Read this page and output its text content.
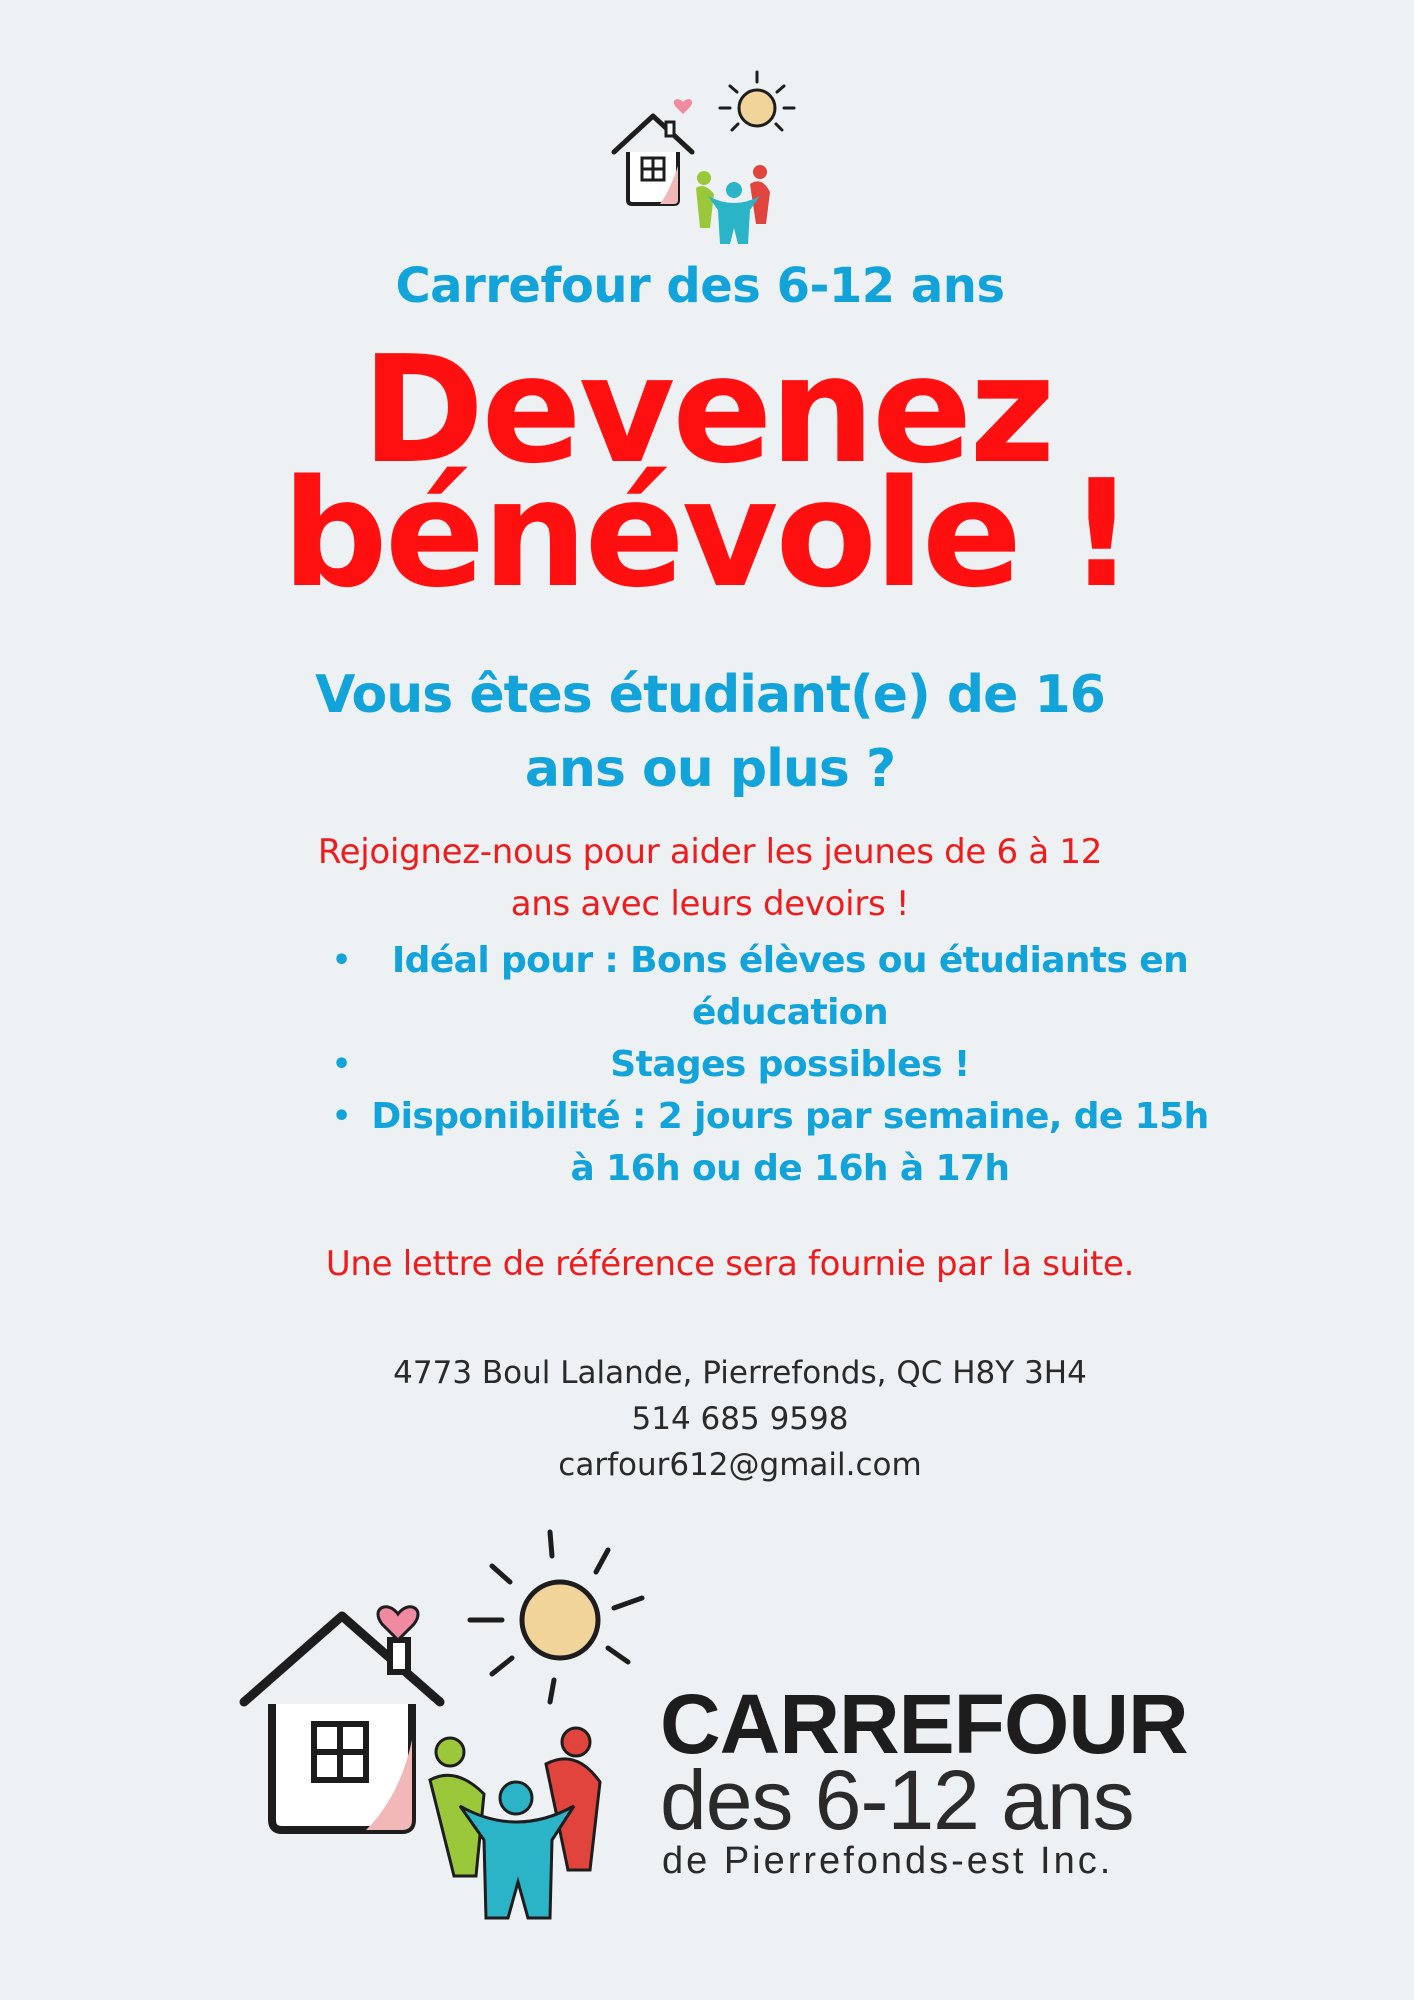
Carrefour des 6-12 ans
Devenez
bénévole !
Vous êtes étudiant(e) de 16
ans ou plus ?
Rejoignez-nous pour aider les jeunes de 6 à 12
ans avec leurs devoirs !
•	Idéal pour : Bons élèves ou étudiants en
éducation
•	Stages possibles !
• Disponibilité : 2 jours par semaine, de 15h
à 16h ou de 16h à 17h
Une lettre de référence sera fournie par la suite.
4773 Boul Lalande, Pierrefonds, QC H8Y 3H4
514 685 9598
carfour612@gmail.com
CARREFOUR
des 6-12 ans
de Pierrefonds-est Inc.
